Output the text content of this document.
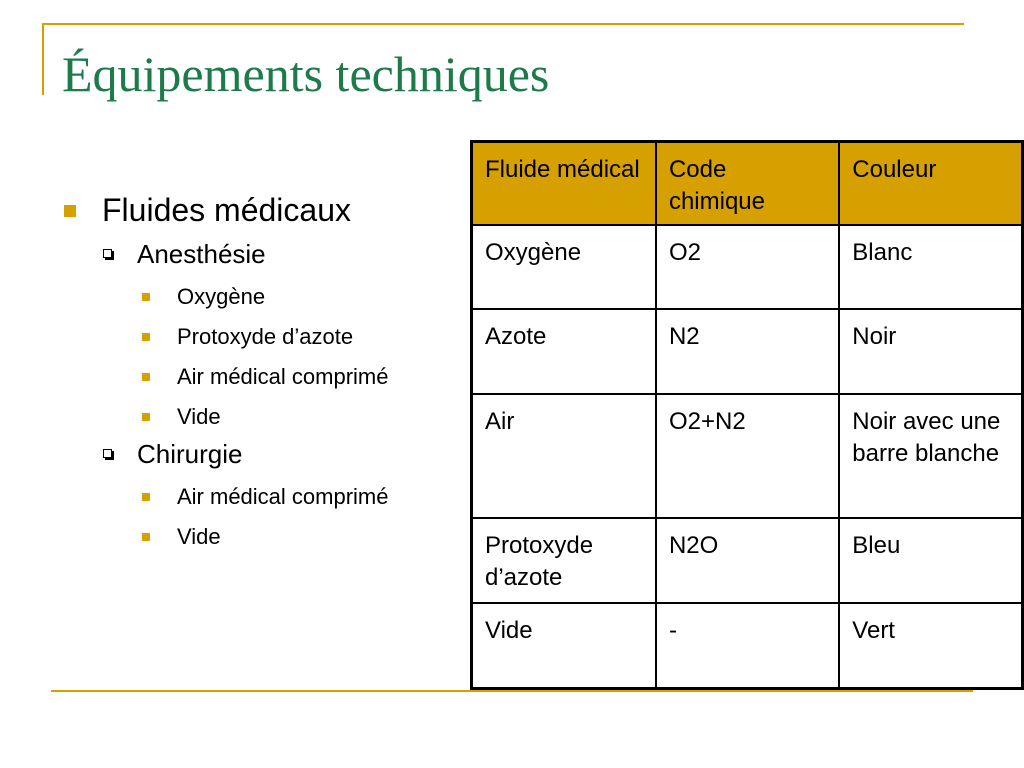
Équipements techniques
Fluides médicaux
Anesthésie
Oxygène
Protoxyde d’azote
Air médical comprimé
Vide
Chirurgie
Air médical comprimé
Vide
Fluide médical	Code chimique	Couleur
Oxygène	O2	Blanc
Azote	N2	Noir
Air	O2+N2	Noir avec une barre blanche
Protoxyde d’azote	N2O	Bleu
Vide	-	Vert
